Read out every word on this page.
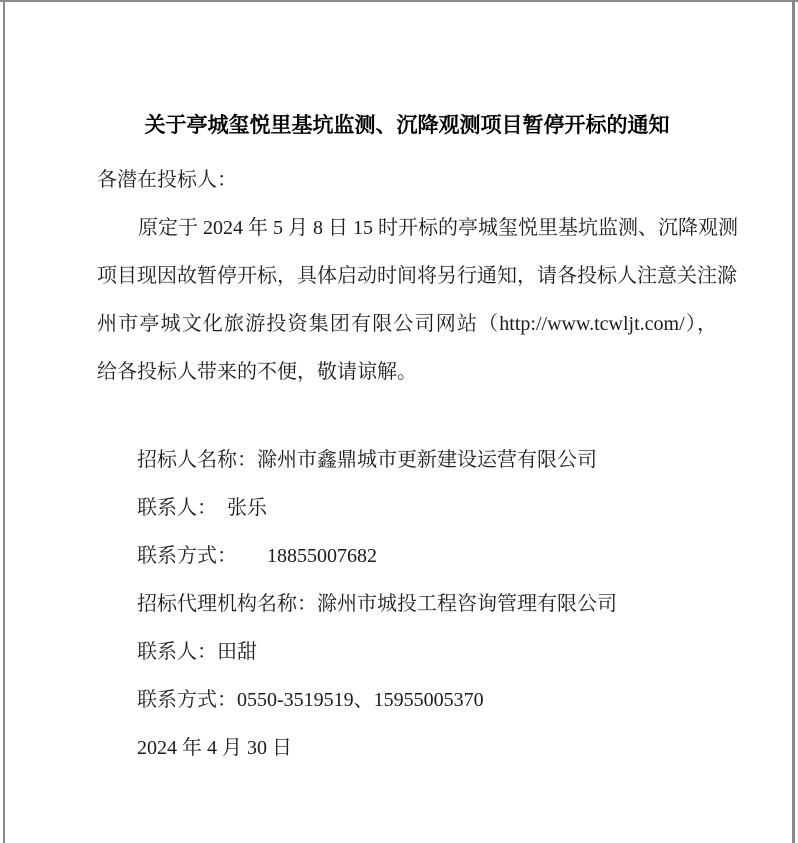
关于亭城玺悦里基坑监测、沉降观测项目暂停开标的通知
各潜在投标人：
原定于 2024 年 5 月 8 日 15 时开标的亭城玺悦里基坑监测、沉降观测
项目现因故暂停开标，具体启动时间将另行通知，请各投标人注意关注滁
州市亭城文化旅游投资集团有限公司网站（http://www.tcwljt.com/），
给各投标人带来的不便，敬请谅解。
招标人名称：滁州市鑫鼎城市更新建设运营有限公司
联系人：　张乐
联系方式：　　18855007682
招标代理机构名称：滁州市城投工程咨询管理有限公司
联系人：田甜
联系方式：0550-3519519、15955005370
2024 年 4 月 30 日
